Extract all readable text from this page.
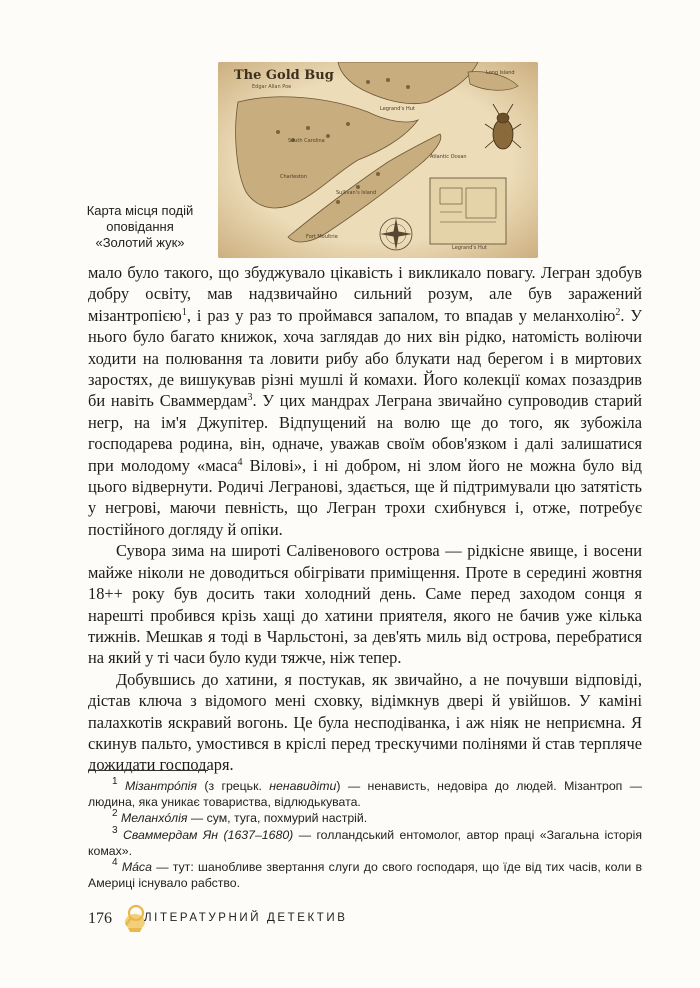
The Gold Bug
Edgar Allan Poe
South Carolina
Charleston
Sullivan's Island
Fort Moultrie
Legrand's Hut
Legrand's Hut
Long Island
Atlantic Ocean
Карта місця подій
оповідання
«Золотий жук»

мало було такого, що збуджувало цікавість і викликало повагу. Легран здобув добру освіту, мав надзвичайно сильний розум, але був заражений мізантропією$^1$, і раз у раз то проймався запалом, то впадав у меланхолію$^2$. У нього було багато книжок, хоча заглядав до них він рідко, натомість воліючи ходити на полювання та ловити рибу або блукати над берегом і в миртових заростях, де вишукував різні мушлі й комахи. Його колекції комах позаздрив би навіть Сваммердам$^3$. У цих мандрах Леграна звичайно супроводив старий негр, на ім'я Джупітер. Відпущений на волю ще до того, як зубожіла господарева родина, він, одначе, уважав своїм обов'язком і далі залишатися при молодому «маса$^4$ Вілові», і ні добром, ні злом його не можна було від цього відвернути. Родичі Леграновi, здається, ще й підтримували цю затятість у негрові, маючи певність, що Легран трохи схибнувся і, отже, потребує постійного догляду й опіки.

Сувора зима на широті Салівенового острова — рідкісне явище, і восени майже ніколи не доводиться обігрівати приміщення. Проте в середині жовтня 18++ року був досить таки холодний день. Саме перед заходом сонця я нарешті пробився крізь хащі до хатини приятеля, якого не бачив уже кілька тижнів. Мешкав я тоді в Чарльстоні, за дев'ять миль від острова, перебратися на який у ті часи було куди тяжче, ніж тепер.

Добувшись до хатини, я постукав, як звичайно, а не почувши відповіді, дістав ключа з відомого мені сховку, відімкнув двері й увійшов. У каміні палахкотів яскравий вогонь. Це була несподіванка, і аж ніяк не неприємна. Я скинув пальто, умостився в кріслі перед трескучими полінями й став терпляче дожидати господаря.

$^1$ Мізантрóпія (з грецьк. ненавидіти) — ненависть, недовіра до людей. Мізантроп — людина, яка уникає товариства, відлюдькувата.

$^2$ Меланхóлія — сум, туга, похмурий настрій.

$^3$ Сваммердам Ян (1637–1680) — голландський ентомолог, автор праці «Загальна історія комах».

$^4$ Мáса — тут: шанобливе звертання слуги до свого господаря, що їде від тих часів, коли в Америці існувало рабство.

176	ЛІТЕРАТУРНИЙ ДЕТЕКТИВ
